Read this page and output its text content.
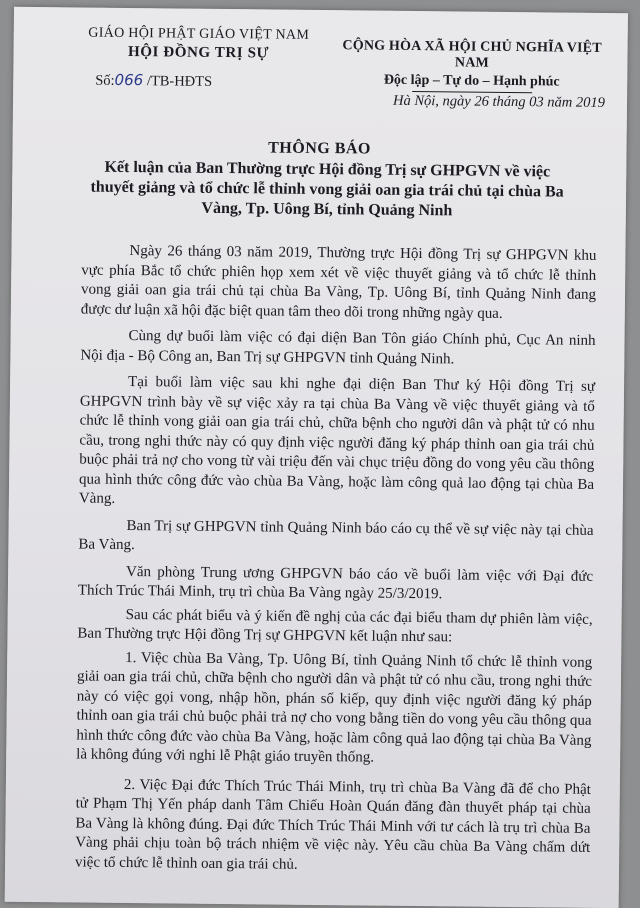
GIÁO HỘI PHẬT GIÁO VIỆT NAM
HỘI ĐỒNG TRỊ SỰ
Số:066 /TB-HĐTS
CỘNG HÒA XÃ HỘI CHỦ NGHĨA VIỆT NAM
Độc lập – Tự do – Hạnh phúc
Hà Nội, ngày 26 tháng 03 năm 2019
THÔNG BÁO
Kết luận của Ban Thường trực Hội đồng Trị sự GHPGVN về việc thuyết giảng và tổ chức lễ thỉnh vong giải oan gia trái chủ tại chùa Ba Vàng, Tp. Uông Bí, tỉnh Quảng Ninh

Ngày 26 tháng 03 năm 2019, Thường trực Hội đồng Trị sự GHPGVN khu vực phía Bắc tổ chức phiên họp xem xét về việc thuyết giảng và tổ chức lễ thỉnh vong giải oan gia trái chủ tại chùa Ba Vàng, Tp. Uông Bí, tỉnh Quảng Ninh đang được dư luận xã hội đặc biệt quan tâm theo dõi trong những ngày qua.

Cùng dự buổi làm việc có đại diện Ban Tôn giáo Chính phủ, Cục An ninh Nội địa - Bộ Công an, Ban Trị sự GHPGVN tỉnh Quảng Ninh.

Tại buổi làm việc sau khi nghe đại diện Ban Thư ký Hội đồng Trị sự GHPGVN trình bày về sự việc xảy ra tại chùa Ba Vàng về việc thuyết giảng và tổ chức lễ thỉnh vong giải oan gia trái chủ, chữa bệnh cho người dân và phật tử có nhu cầu, trong nghi thức này có quy định việc người đăng ký pháp thỉnh oan gia trái chủ buộc phải trả nợ cho vong từ vài triệu đến vài chục triệu đồng do vong yêu cầu thông qua hình thức công đức vào chùa Ba Vàng, hoặc làm công quả lao động tại chùa Ba Vàng.

Ban Trị sự GHPGVN tỉnh Quảng Ninh báo cáo cụ thể về sự việc này tại chùa Ba Vàng.

Văn phòng Trung ương GHPGVN báo cáo về buổi làm việc với Đại đức Thích Trúc Thái Minh, trụ trì chùa Ba Vàng ngày 25/3/2019.

Sau các phát biểu và ý kiến đề nghị của các đại biểu tham dự phiên làm việc, Ban Thường trực Hội đồng Trị sự GHPGVN kết luận như sau:

1. Việc chùa Ba Vàng, Tp. Uông Bí, tỉnh Quảng Ninh tổ chức lễ thỉnh vong giải oan gia trái chủ, chữa bệnh cho người dân và phật tử có nhu cầu, trong nghi thức này có việc gọi vong, nhập hồn, phán số kiếp, quy định việc người đăng ký pháp thỉnh oan gia trái chủ buộc phải trả nợ cho vong bằng tiền do vong yêu cầu thông qua hình thức công đức vào chùa Ba Vàng, hoặc làm công quả lao động tại chùa Ba Vàng là không đúng với nghi lễ Phật giáo truyền thống.

2. Việc Đại đức Thích Trúc Thái Minh, trụ trì chùa Ba Vàng đã để cho Phật tử Phạm Thị Yến pháp danh Tâm Chiếu Hoàn Quán đăng đàn thuyết pháp tại chùa Ba Vàng là không đúng. Đại đức Thích Trúc Thái Minh với tư cách là trụ trì chùa Ba Vàng phải chịu toàn bộ trách nhiệm về việc này. Yêu cầu chùa Ba Vàng chấm dứt việc tổ chức lễ thỉnh oan gia trái chủ.
